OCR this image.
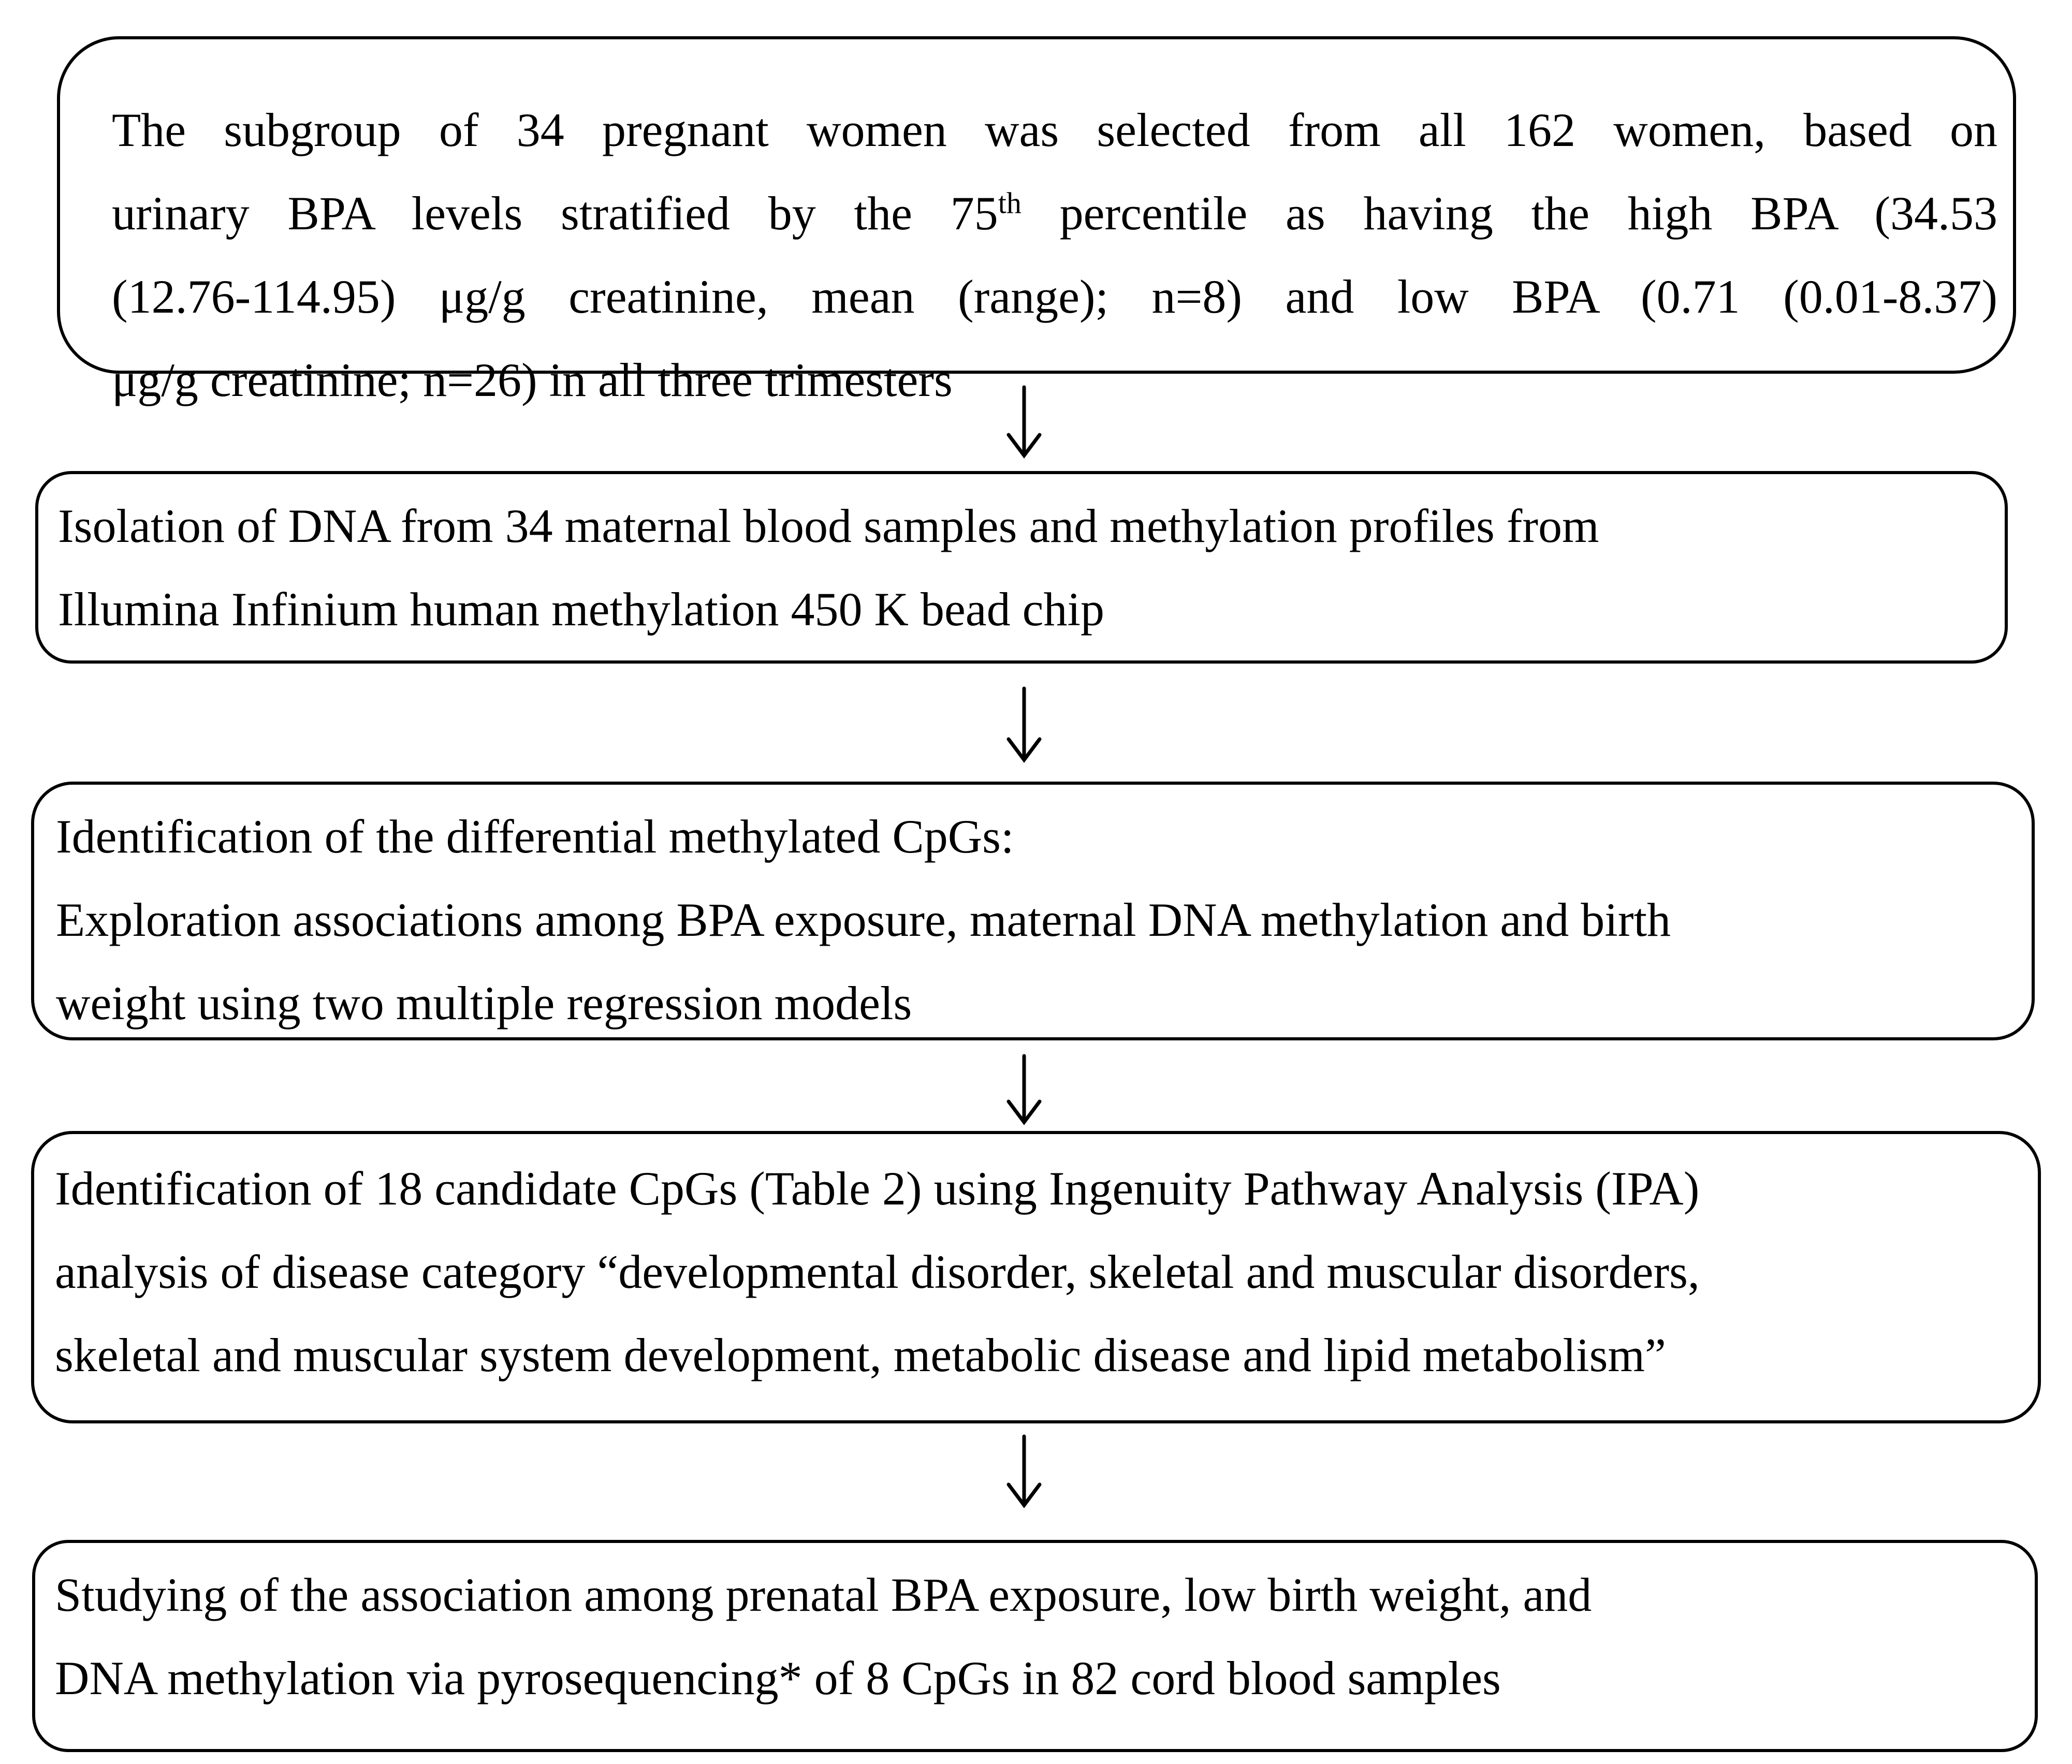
The subgroup of 34 pregnant women was selected from all 162 women, based on

urinary BPA levels stratified by the 75th percentile as having the high BPA (34.53

(12.76-114.95) μg/g creatinine, mean (range); n=8) and low BPA (0.71 (0.01-8.37)

μg/g creatinine; n=26) in all three trimesters

Isolation of DNA from 34 maternal blood samples and methylation profiles from

Illumina Infinium human methylation 450 K bead chip

Identification of the differential methylated CpGs:

Exploration associations among BPA exposure, maternal DNA methylation and birth

weight using two multiple regression models

Identification of 18 candidate CpGs (Table 2) using Ingenuity Pathway Analysis (IPA)

analysis of disease category “developmental disorder, skeletal and muscular disorders,

skeletal and muscular system development, metabolic disease and lipid metabolism”

Studying of the association among prenatal BPA exposure, low birth weight, and

DNA methylation via pyrosequencing* of 8 CpGs in 82 cord blood samples
